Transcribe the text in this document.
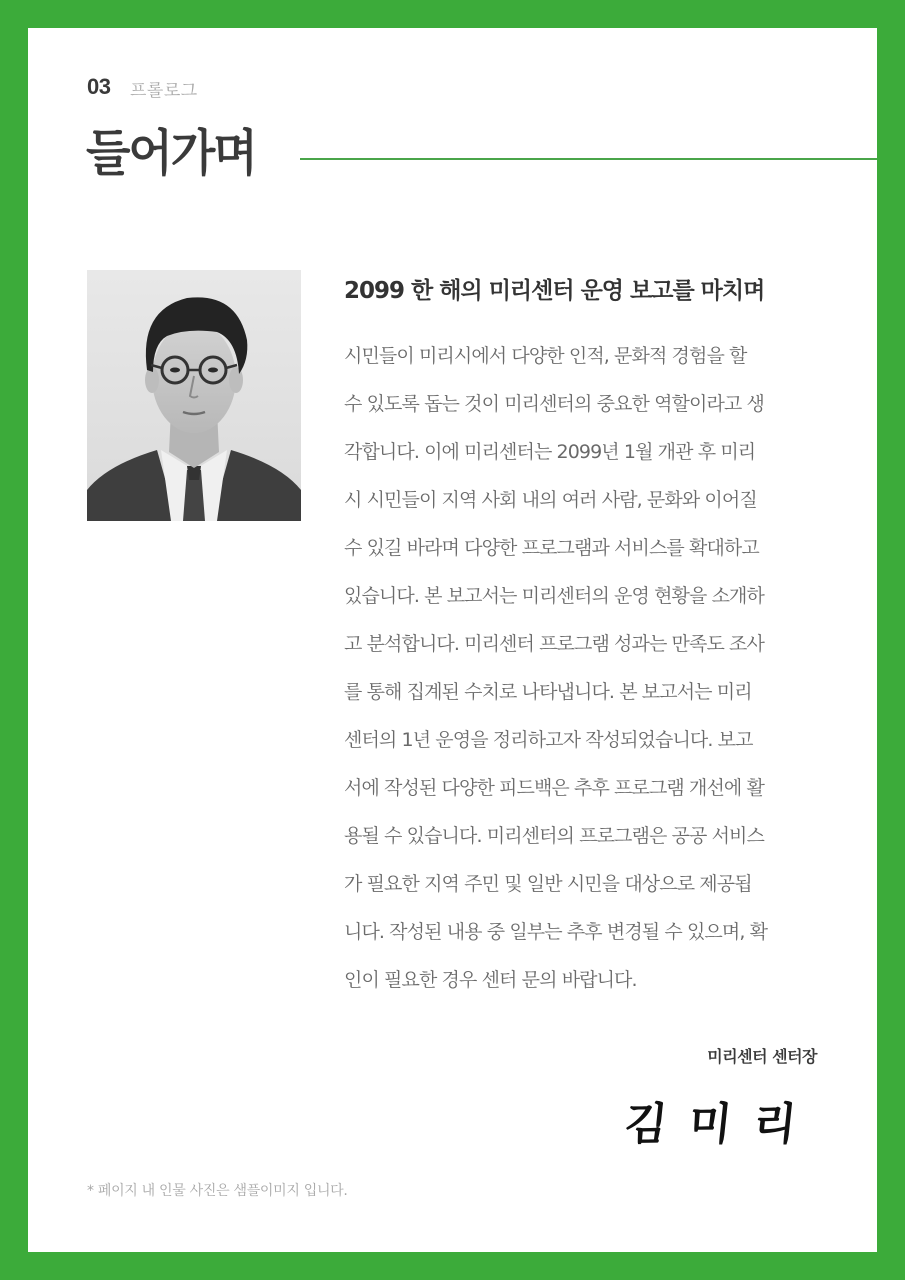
03 프롤로그
들어가며
2099 한 해의 미리센터 운영 보고를 마치며
시민들이 미리시에서 다양한 인적, 문화적 경험을 할
수 있도록 돕는 것이 미리센터의 중요한 역할이라고 생
각합니다. 이에 미리센터는 2099년 1월 개관 후 미리
시 시민들이 지역 사회 내의 여러 사람, 문화와 이어질
수 있길 바라며 다양한 프로그램과 서비스를 확대하고
있습니다. 본 보고서는 미리센터의 운영 현황을 소개하
고 분석합니다. 미리센터 프로그램 성과는 만족도 조사
를 통해 집계된 수치로 나타냅니다. 본 보고서는 미리
센터의 1년 운영을 정리하고자 작성되었습니다. 보고
서에 작성된 다양한 피드백은 추후 프로그램 개선에 활
용될 수 있습니다. 미리센터의 프로그램은 공공 서비스
가 필요한 지역 주민 및 일반 시민을 대상으로 제공됩
니다. 작성된 내용 중 일부는 추후 변경될 수 있으며, 확
인이 필요한 경우 센터 문의 바랍니다.
미리센터 센터장
김미리
* 페이지 내 인물 사진은 샘플이미지 입니다.
